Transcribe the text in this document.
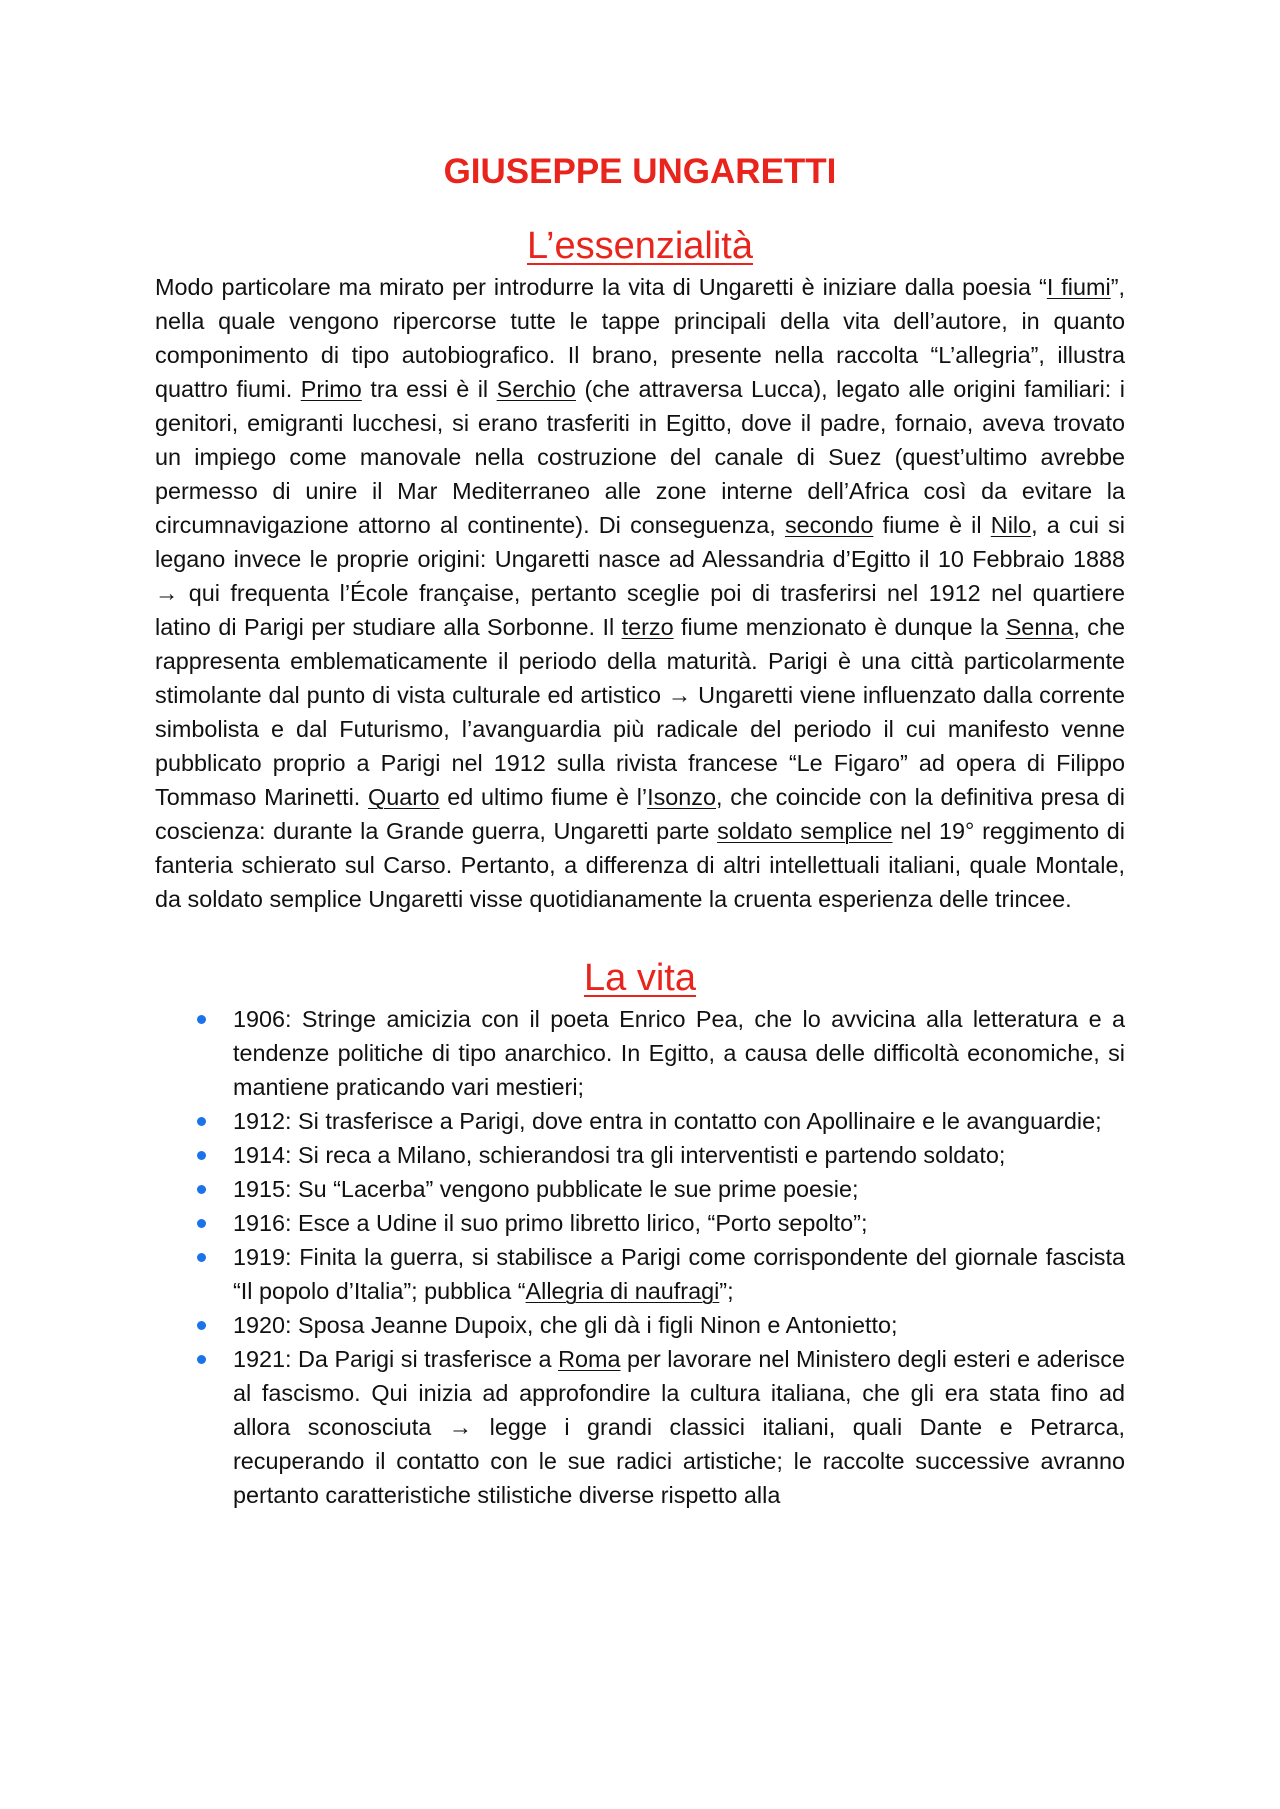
GIUSEPPE UNGARETTI
L’essenzialità

Modo particolare ma mirato per introdurre la vita di Ungaretti è iniziare dalla poesia “I fiumi”, nella quale vengono ripercorse tutte le tappe principali della vita dell’autore, in quanto componimento di tipo autobiografico. Il brano, presente nella raccolta “L’allegria”, illustra quattro fiumi. Primo tra essi è il Serchio (che attraversa Lucca), legato alle origini familiari: i genitori, emigranti lucchesi, si erano trasferiti in Egitto, dove il padre, fornaio, aveva trovato un impiego come manovale nella costruzione del canale di Suez (quest’ultimo avrebbe permesso di unire il Mar Mediterraneo alle zone interne dell’Africa così da evitare la circumnavigazione attorno al continente). Di conseguenza, secondo fiume è il Nilo, a cui si legano invece le proprie origini: Ungaretti nasce ad Alessandria d’Egitto il 10 Febbraio 1888 → qui frequenta l’École française, pertanto sceglie poi di trasferirsi nel 1912 nel quartiere latino di Parigi per studiare alla Sorbonne. Il terzo fiume menzionato è dunque la Senna, che rappresenta emblematicamente il periodo della maturità. Parigi è una città particolarmente stimolante dal punto di vista culturale ed artistico → Ungaretti viene influenzato dalla corrente simbolista e dal Futurismo, l’avanguardia più radicale del periodo il cui manifesto venne pubblicato proprio a Parigi nel 1912 sulla rivista francese “Le Figaro” ad opera di Filippo Tommaso Marinetti. Quarto ed ultimo fiume è l’Isonzo, che coincide con la definitiva presa di coscienza: durante la Grande guerra, Ungaretti parte soldato semplice nel 19° reggimento di fanteria schierato sul Carso. Pertanto, a differenza di altri intellettuali italiani, quale Montale, da soldato semplice Ungaretti visse quotidianamente la cruenta esperienza delle trincee.

La vita
1906: Stringe amicizia con il poeta Enrico Pea, che lo avvicina alla letteratura e a tendenze politiche di tipo anarchico. In Egitto, a causa delle difficoltà economiche, si mantiene praticando vari mestieri;
1912: Si trasferisce a Parigi, dove entra in contatto con Apollinaire e le avanguardie;
1914: Si reca a Milano, schierandosi tra gli interventisti e partendo soldato;
1915: Su “Lacerba” vengono pubblicate le sue prime poesie;
1916: Esce a Udine il suo primo libretto lirico, “Porto sepolto”;
1919: Finita la guerra, si stabilisce a Parigi come corrispondente del giornale fascista “Il popolo d’Italia”; pubblica “Allegria di naufragi”;
1920: Sposa Jeanne Dupoix, che gli dà i figli Ninon e Antonietto;
1921: Da Parigi si trasferisce a Roma per lavorare nel Ministero degli esteri e aderisce al fascismo. Qui inizia ad approfondire la cultura italiana, che gli era stata fino ad allora sconosciuta → legge i grandi classici italiani, quali Dante e Petrarca, recuperando il contatto con le sue radici artistiche; le raccolte successive avranno pertanto caratteristiche stilistiche diverse rispetto alla
